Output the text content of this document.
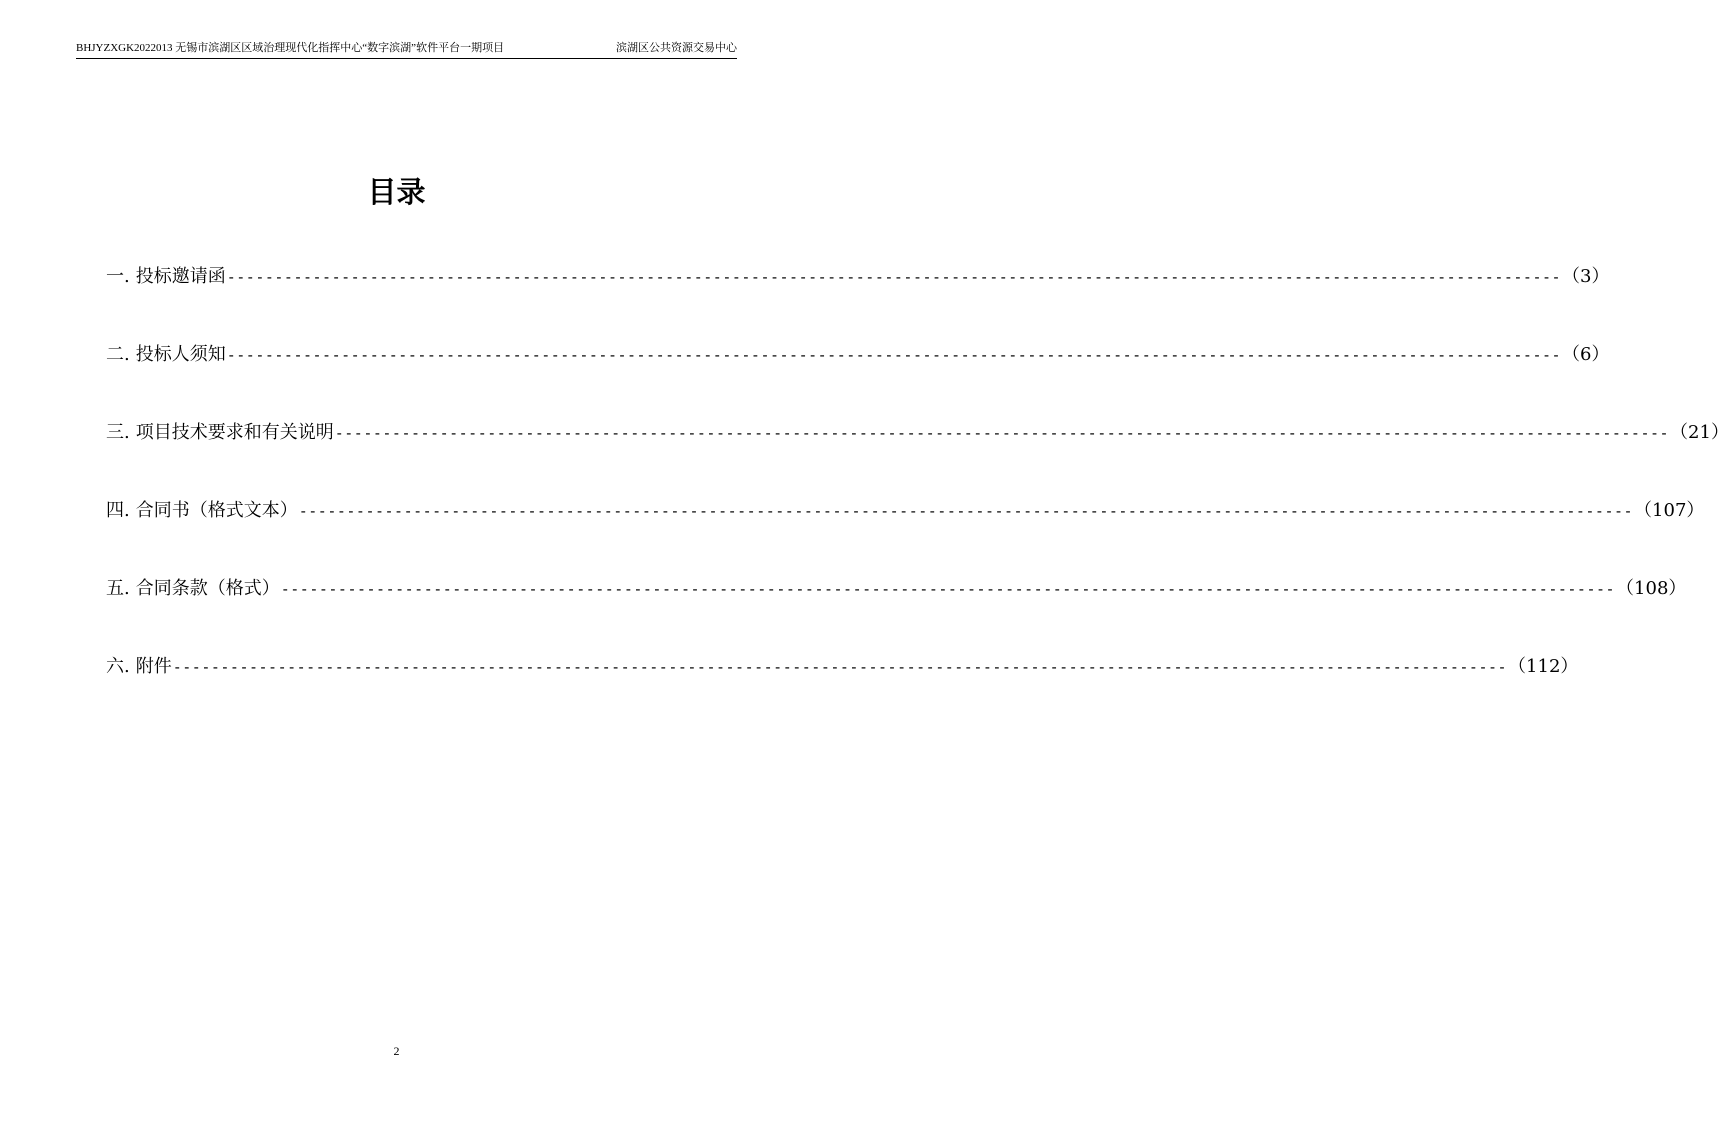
BHJYZXGK2022013 无锡市滨湖区区域治理现代化指挥中心“数字滨湖”软件平台一期项目	滨湖区公共资源交易中心
目录
一 . 投标邀请函 -------------------------------------------------------------------------------------------------------------------------------------------- （3）
二 . 投标人须知 -------------------------------------------------------------------------------------------------------------------------------------------- （6）
三 . 项目技术要求和有关说明 -------------------------------------------------------------------------------------------------------------------------------------------- （21）
四 . 合同书（格式文本） -------------------------------------------------------------------------------------------------------------------------------------------- （107）
五 . 合同条款（格式） -------------------------------------------------------------------------------------------------------------------------------------------- （108）
六 . 附件 -------------------------------------------------------------------------------------------------------------------------------------------- （112）
2
